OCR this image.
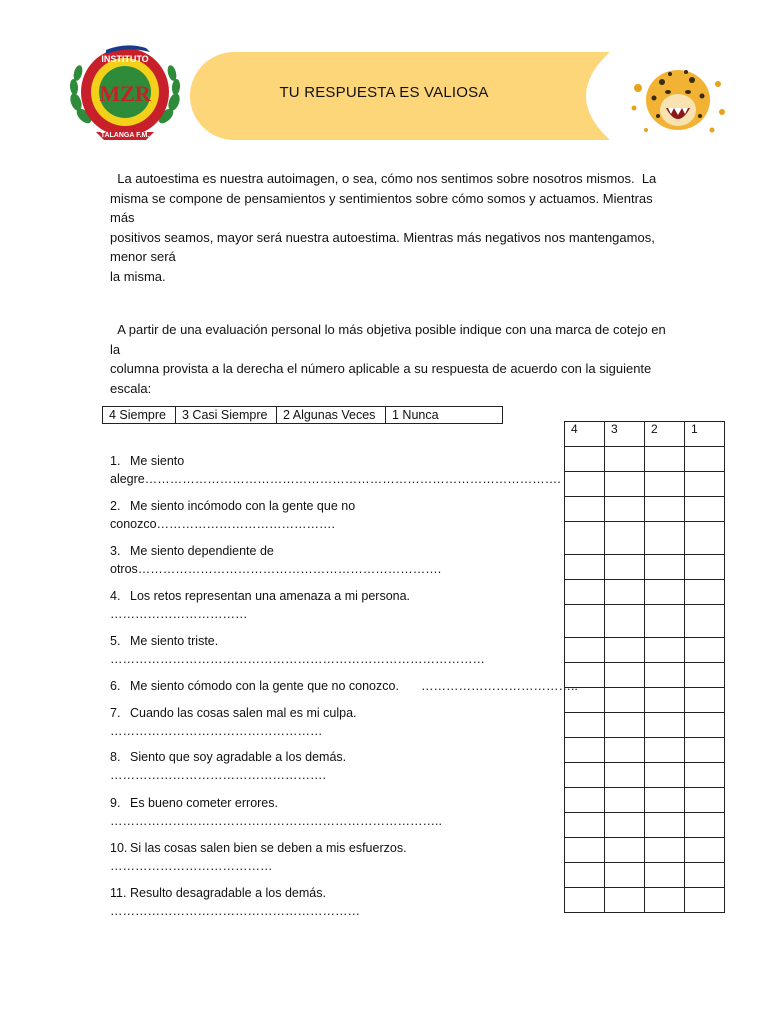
INSTITUTO
MZR
TALANGA F.M.
TU RESPUESTA ES VALIOSA
La autoestima es nuestra autoimagen, o sea, cómo nos sentimos sobre nosotros mismos.  La
misma se compone de pensamientos y sentimientos sobre cómo somos y actuamos. Mientras más
positivos seamos, mayor será nuestra autoestima. Mientras más negativos nos mantengamos, menor será
la misma.
A partir de una evaluación personal lo más objetiva posible indique con una marca de cotejo en la
columna provista a la derecha el número aplicable a su respuesta de acuerdo con la siguiente escala:
4 Siempre	3 Casi Siempre	2 Algunas Veces	1 Nunca
1. Me siento
alegre……………………………………………………………………………………….
2. Me siento incómodo con la gente que no
conozco…………………………………….
3. Me siento dependiente de
otros……………………………………………………………….
4. Los retos representan una amenaza a mi persona.
……………………………
5. Me siento triste.
………………………………………………………………………………
6. Me siento cómodo con la gente que no conozco. ………………………………..
7. Cuando las cosas salen mal es mi culpa.
……………………………………………
8. Siento que soy agradable a los demás.
…………………………………………….
9. Es bueno cometer errores.
……………………………………………………………………..
10. Si las cosas salen bien se deben a mis esfuerzos.
…………………………………
11. Resulto desagradable a los demás.
……………………………………………………
4	3	2	1
